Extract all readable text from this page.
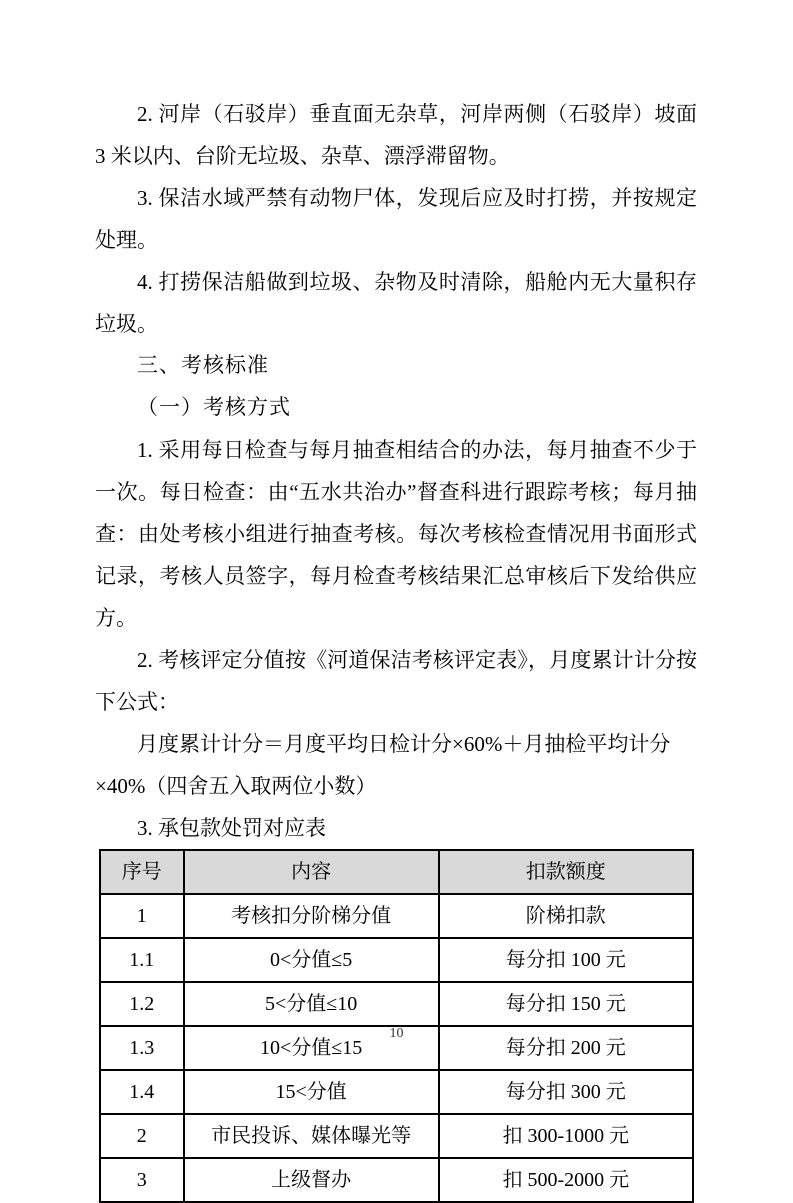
2. 河岸（石驳岸）垂直面无杂草，河岸两侧（石驳岸）坡面 3 米以内、台阶无垃圾、杂草、漂浮滞留物。

3. 保洁水域严禁有动物尸体，发现后应及时打捞，并按规定处理。

4. 打捞保洁船做到垃圾、杂物及时清除，船舱内无大量积存垃圾。

三、考核标准

（一）考核方式

1. 采用每日检查与每月抽查相结合的办法，每月抽查不少于一次。每日检查：由“五水共治办”督查科进行跟踪考核；每月抽查：由处考核小组进行抽查考核。每次考核检查情况用书面形式记录，考核人员签字，每月检查考核结果汇总审核后下发给供应方。

2. 考核评定分值按《河道保洁考核评定表》，月度累计计分按下公式：

月度累计计分＝月度平均日检计分×60%＋月抽检平均计分×40%（四舍五入取两位小数）

3. 承包款处罚对应表

序号	内容	扣款额度
1	考核扣分阶梯分值	阶梯扣款
1.1	0<分值≤5	每分扣 100 元
1.2	5<分值≤10	每分扣 150 元
1.3	10<分值≤15	每分扣 200 元
1.4	15<分值	每分扣 300 元
2	市民投诉、媒体曝光等	扣 300-1000 元
3	上级督办	扣 500-2000 元
10
